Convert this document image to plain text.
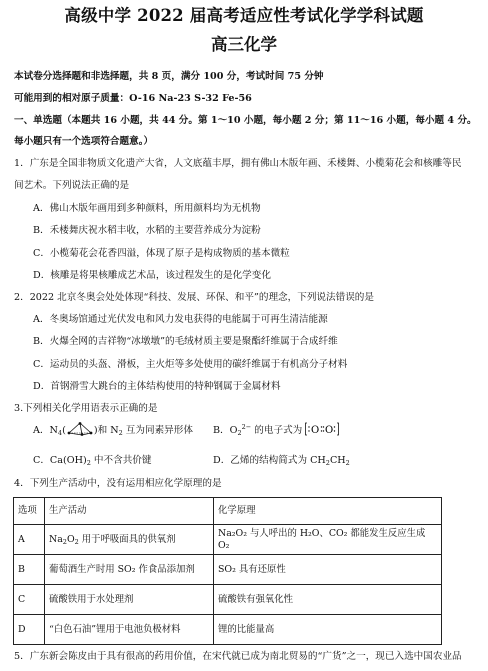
高级中学 2022 届高考适应性考试化学学科试题
高三化学
本试卷分选择题和非选择题，共 8 页，满分 100 分，考试时间 75 分钟
可能用到的相对原子质量：O-16 Na-23 S-32 Fe-56
一、单选题（本题共 16 小题，共 44 分。第 1～10 小题，每小题 2 分；第 11～16 小题，每小题 4 分。
每小题只有一个选项符合题意。）
1．广东是全国非物质文化遗产大省，人文底蕴丰厚，拥有佛山木版年画、禾楼舞、小榄菊花会和核雕等民
间艺术。下列说法正确的是
A．佛山木版年画用到多种颜料，所用颜料均为无机物
B．禾楼舞庆祝水稻丰收，水稻的主要营养成分为淀粉
C．小榄菊花会花香四溢，体现了原子是构成物质的基本微粒
D．核雕是将果核雕成艺术品，该过程发生的是化学变化
2．2022 北京冬奥会处处体现“科技、发展、环保、和平”的理念，下列说法错误的是
A．冬奥场馆通过光伏发电和风力发电获得的电能属于可再生清洁能源
B．火爆全网的吉祥物“冰墩墩”的毛绒材质主要是聚酯纤维属于合成纤维
C．运动员的头盔、滑板，主火炬等多处使用的碳纤维属于有机高分子材料
D．首钢滑雪大跳台的主体结构使用的特种钢属于金属材料
3.下列相关化学用语表示正确的是
A．$N_4$(	)和 $N_2$ 互为同素异形体 B．$O_2^{2-}$ 的电子式为 O O
C．$Ca(OH)_2$ 中不含共价键	D．乙烯的结构简式为 $CH_2CH_2$
4．下列生产活动中，没有运用相应化学原理的是
选项	生产活动	化学原理
A	$Na_2O_2$ 用于呼吸面具的供氧剂	Na₂O₂ 与人呼出的 H₂O、CO₂ 都能发生反应生成 O₂
B	葡萄酒生产时用 SO₂ 作食品添加剂	SO₂ 具有还原性
C	硫酸铁用于水处理剂	硫酸铁有强氧化性
D	“白色石油”锂用于电池负极材料	锂的比能量高
5．广东新会陈皮由于具有很高的药用价值，在宋代就已成为南北贸易的“广货”之一，现已入选中国农业品
